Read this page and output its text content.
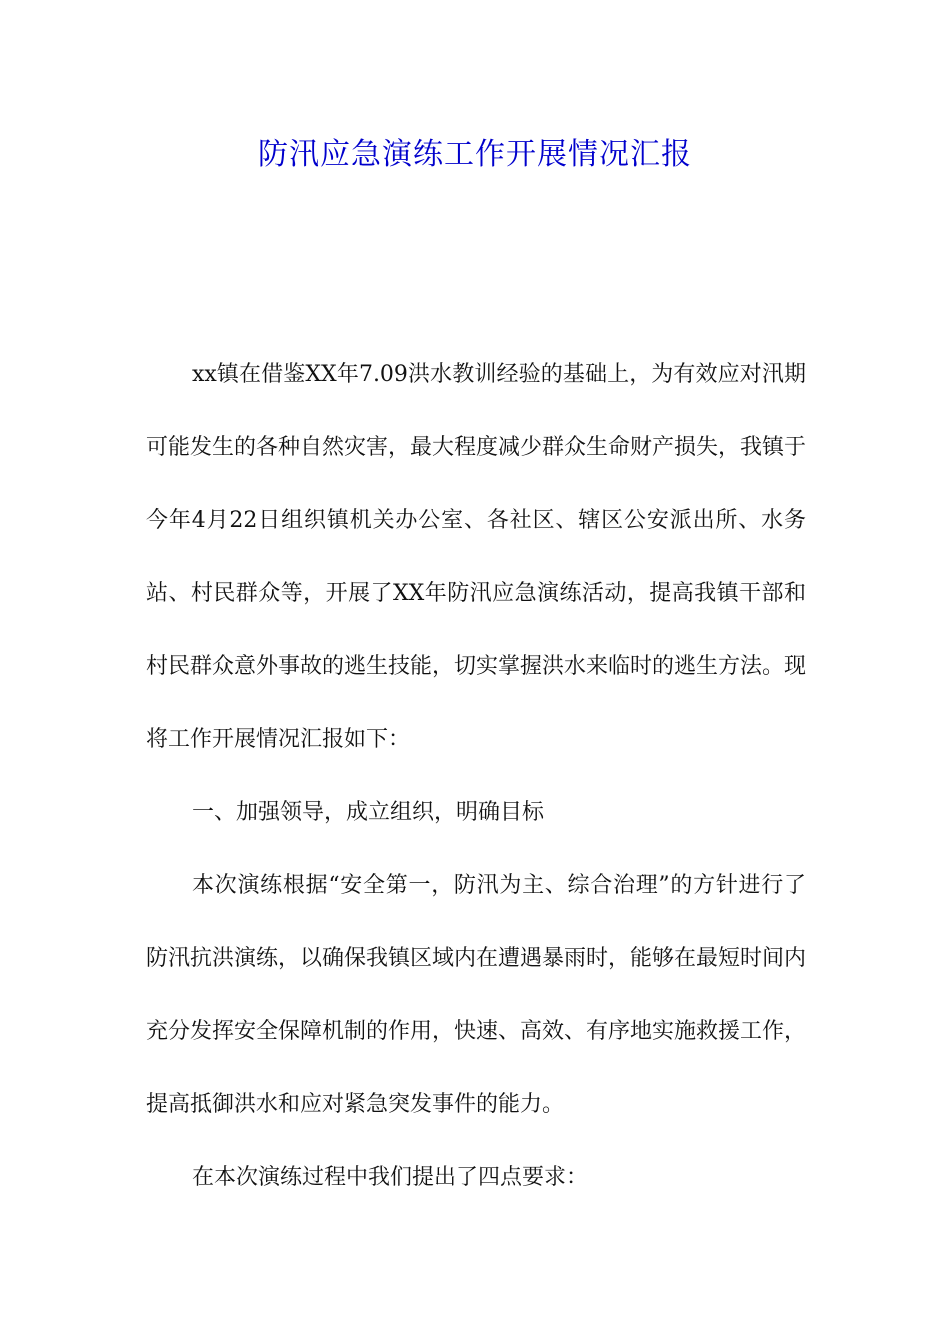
防汛应急演练工作开展情况汇报

xx镇在借鉴XX年7.09洪水教训经验的基础上，为有效应对汛期可能发生的各种自然灾害，最大程度减少群众生命财产损失，我镇于今年4月22日组织镇机关办公室、各社区、辖区公安派出所、水务站、村民群众等，开展了XX年防汛应急演练活动，提高我镇干部和村民群众意外事故的逃生技能，切实掌握洪水来临时的逃生方法。现将工作开展情况汇报如下：

一、加强领导，成立组织，明确目标

本次演练根据“安全第一，防汛为主、综合治理”的方针进行了防汛抗洪演练，以确保我镇区域内在遭遇暴雨时，能够在最短时间内充分发挥安全保障机制的作用，快速、高效、有序地实施救援工作，提高抵御洪水和应对紧急突发事件的能力。

在本次演练过程中我们提出了四点要求：
